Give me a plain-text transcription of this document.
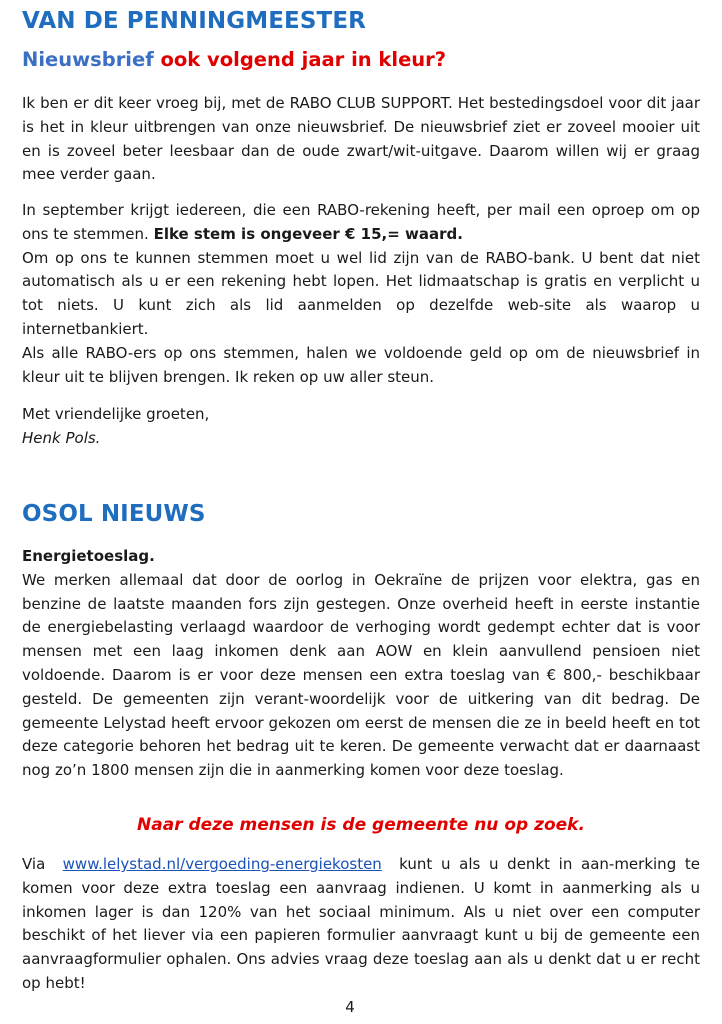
VAN DE PENNINGMEESTER
Nieuwsbrief ook volgend jaar in kleur?

Ik ben er dit keer vroeg bij, met de RABO CLUB SUPPORT. Het bestedingsdoel voor dit jaar is het in kleur uitbrengen van onze nieuwsbrief. De nieuwsbrief ziet er zoveel mooier uit en is zoveel beter leesbaar dan de oude zwart/wit-uitgave. Daarom willen wij er graag mee verder gaan.

In september krijgt iedereen, die een RABO-rekening heeft, per mail een oproep om op ons te stemmen. Elke stem is ongeveer € 15,= waard.

Om op ons te kunnen stemmen moet u wel lid zijn van de RABO-bank. U bent dat niet automatisch als u er een rekening hebt lopen. Het lidmaatschap is gratis en verplicht u tot niets. U kunt zich als lid aanmelden op dezelfde web-site als waarop u internetbankiert.

Als alle RABO-ers op ons stemmen, halen we voldoende geld op om de nieuwsbrief in kleur uit te blijven brengen. Ik reken op uw aller steun.

Met vriendelijke groeten,

Henk Pols.

OSOL NIEUWS

Energietoeslag.

We merken allemaal dat door de oorlog in Oekraïne de prijzen voor elektra, gas en benzine de laatste maanden fors zijn gestegen. Onze overheid heeft in eerste instantie de energiebelasting verlaagd waardoor de verhoging wordt gedempt echter dat is voor mensen met een laag inkomen denk aan AOW en klein aanvullend pensioen niet voldoende. Daarom is er voor deze mensen een extra toeslag van € 800,- beschikbaar gesteld. De gemeenten zijn verant-woordelijk voor de uitkering van dit bedrag. De gemeente Lelystad heeft ervoor gekozen om eerst de mensen die ze in beeld heeft en tot deze categorie behoren het bedrag uit te keren. De gemeente verwacht dat er daarnaast nog zo’n 1800 mensen zijn die in aanmerking komen voor deze toeslag.

Naar deze mensen is de gemeente nu op zoek.

Via www.lelystad.nl/vergoeding-energiekosten kunt u als u denkt in aan-merking te komen voor deze extra toeslag een aanvraag indienen. U komt in aanmerking als u inkomen lager is dan 120% van het sociaal minimum. Als u niet over een computer beschikt of het liever via een papieren formulier aanvraagt kunt u bij de gemeente een aanvraagformulier ophalen. Ons advies vraag deze toeslag aan als u denkt dat u er recht op hebt!

4
